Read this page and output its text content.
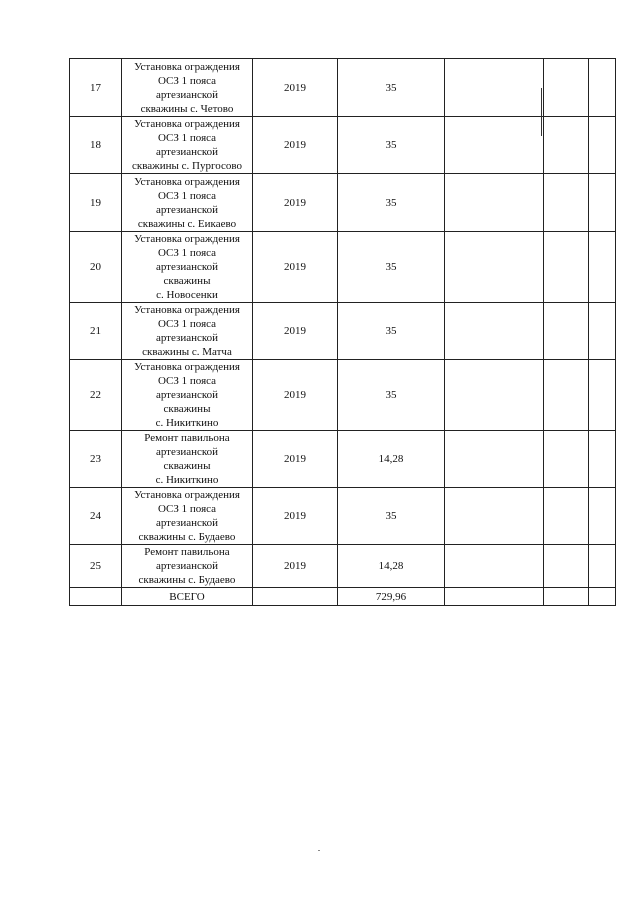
17	Установка ограждения
ОСЗ 1 пояса
артезианской
скважины с. Четово	2019	35			
18	Установка ограждения
ОСЗ 1 пояса
артезианской
скважины с. Пургосово	2019	35			
19	Установка ограждения
ОСЗ 1 пояса
артезианской
скважины с. Еикаево	2019	35			
20	Установка ограждения
ОСЗ 1 пояса
артезианской
скважины
с. Новосенки	2019	35			
21	Установка ограждения
ОСЗ 1 пояса
артезианской
скважины с. Матча	2019	35			
22	Установка ограждения
ОСЗ 1 пояса
артезианской
скважины
с. Никиткино	2019	35			
23	Ремонт павильона
артезианской
скважины
с. Никиткино	2019	14,28			
24	Установка ограждения
ОСЗ 1 пояса
артезианской
скважины с. Будаево	2019	35			
25	Ремонт павильона
артезианской
скважины с. Будаево	2019	14,28			
	ВСЕГО		729,96			
